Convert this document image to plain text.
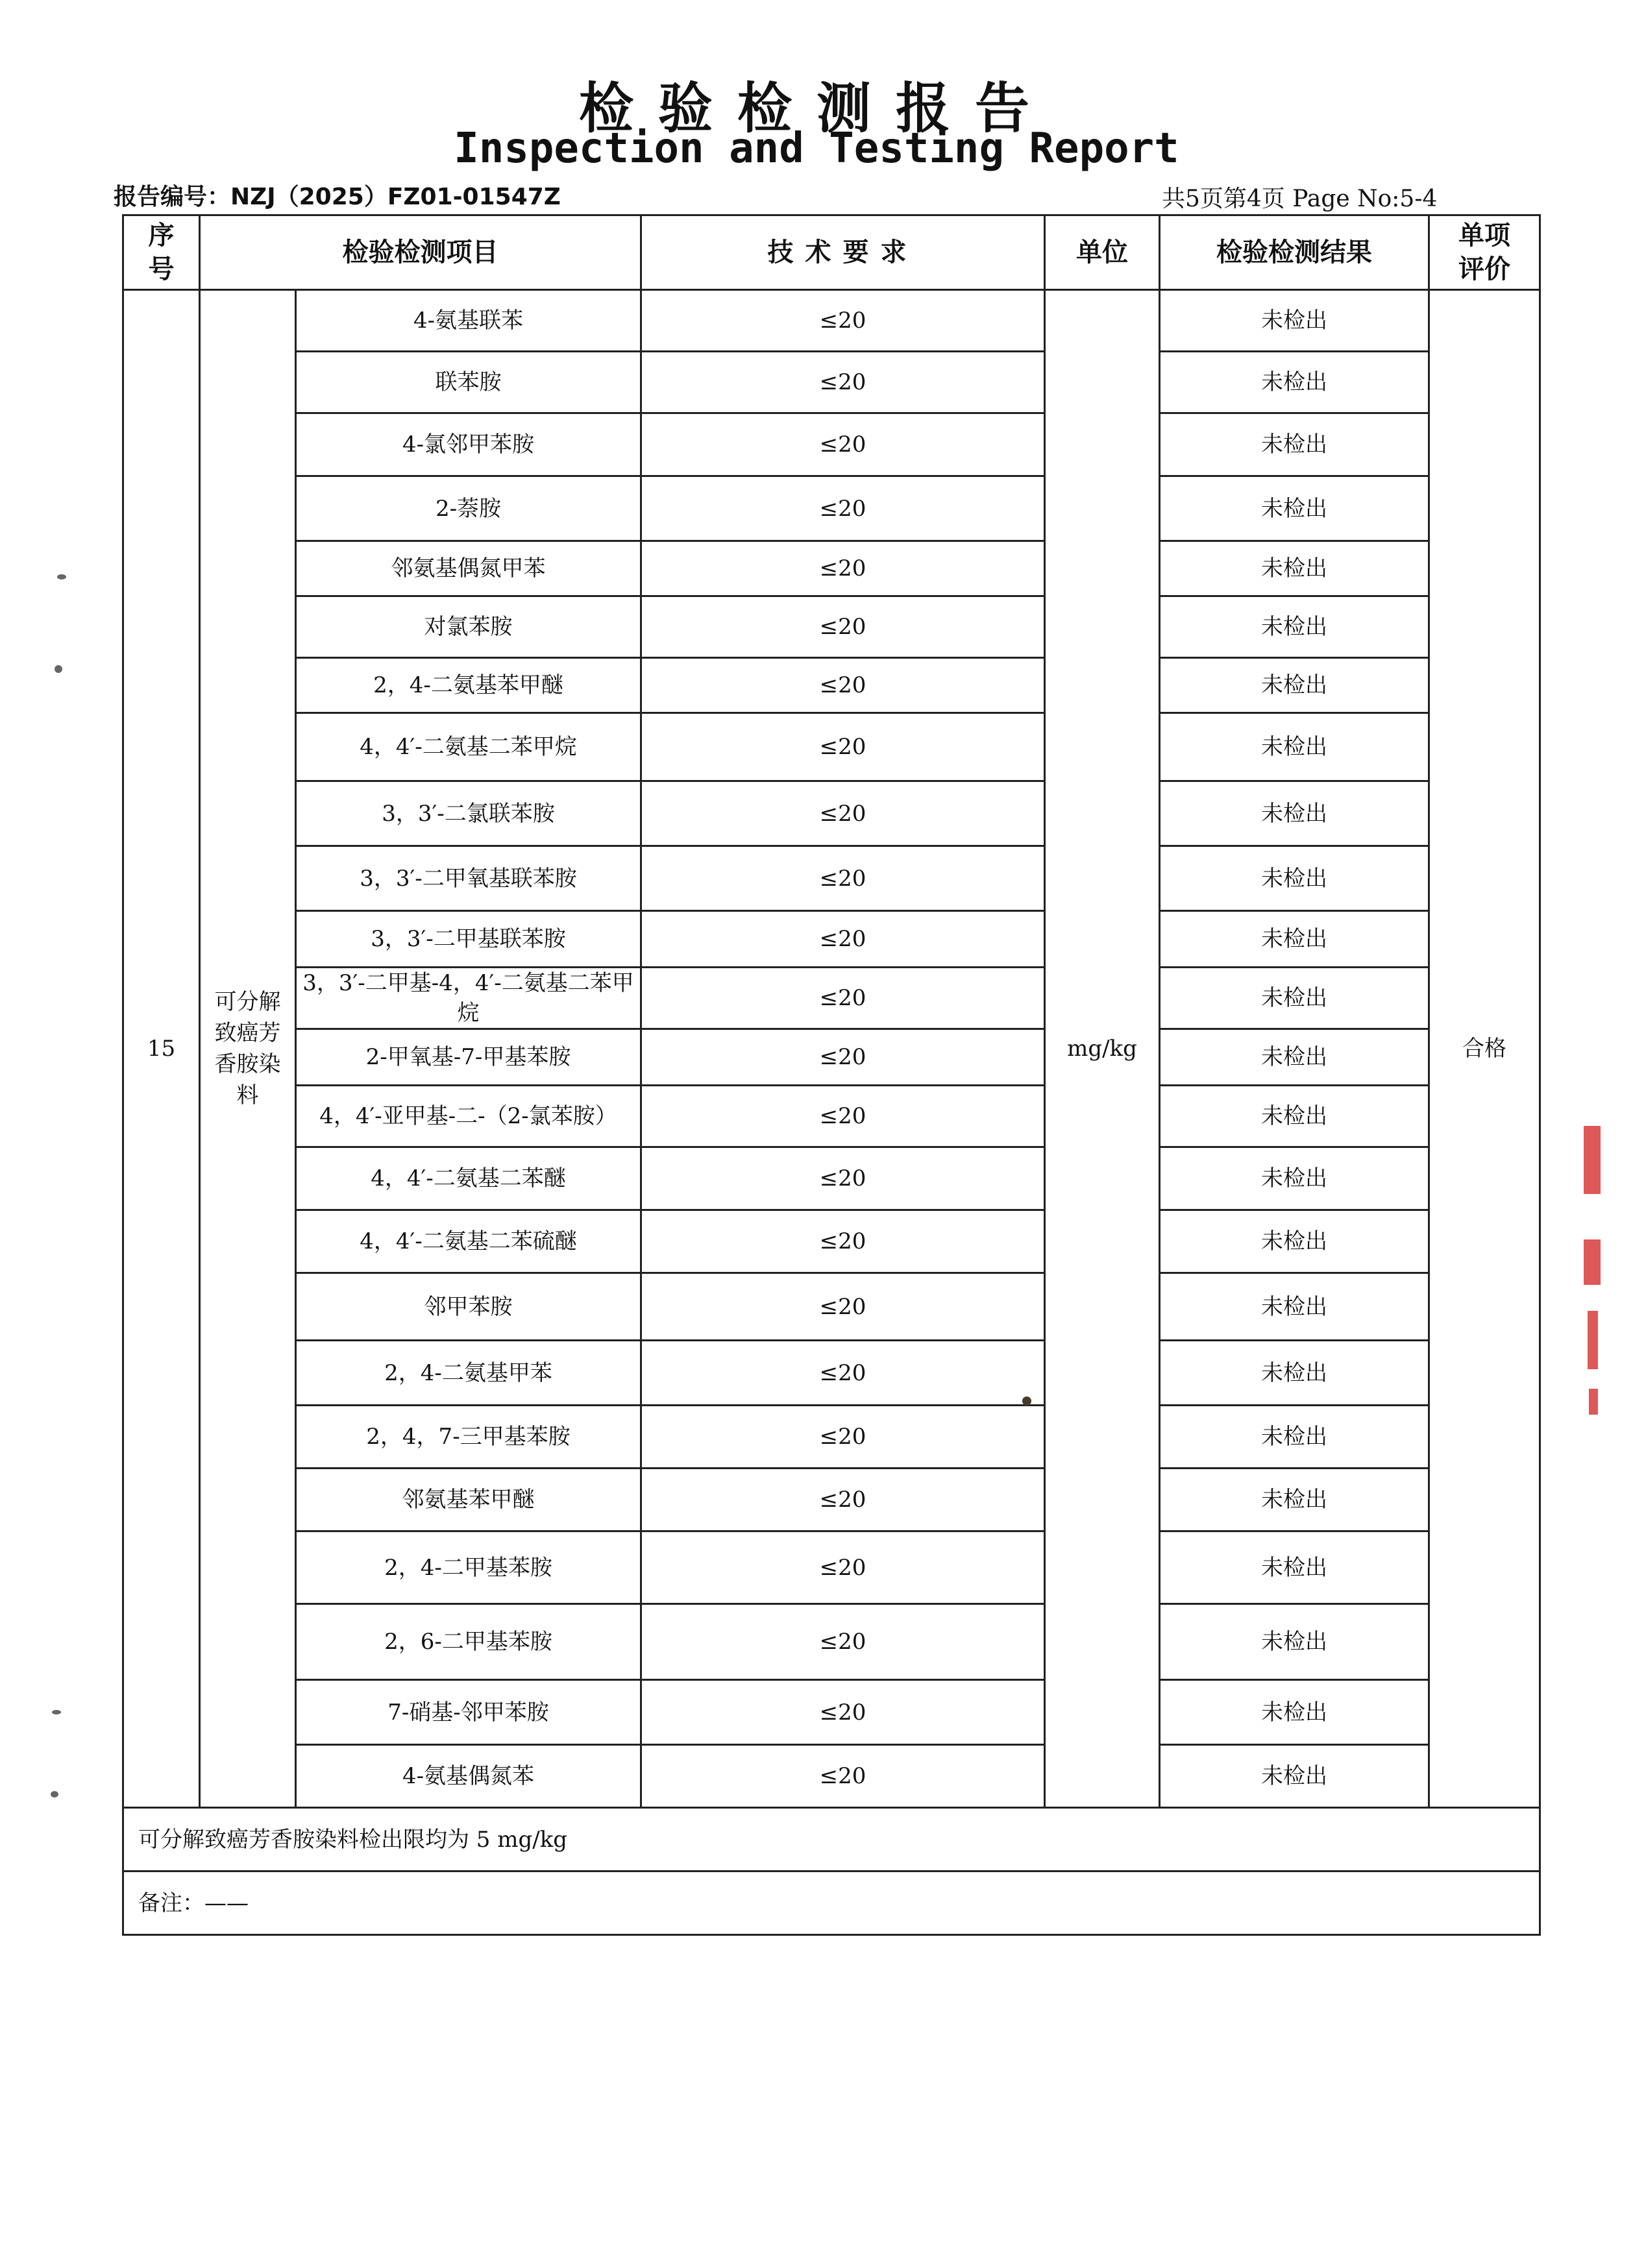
检验检测报告
Inspection and Testing Report
报告编号：NZJ（2025）FZ01-01547Z	共5页第4页 Page No:5-4
序号	检验检测项目		技术要求	单位	检验检测结果	单项评价
15	可分解致癌芳香胺染料	4-氨基联苯	≤20	mg/kg	未检出	合格
		联苯胺	≤20		未检出	
		4-氯邻甲苯胺	≤20		未检出	
		2-萘胺	≤20		未检出	
		邻氨基偶氮甲苯	≤20		未检出	
		对氯苯胺	≤20		未检出	
		2，4-二氨基苯甲醚	≤20		未检出	
		4，4′-二氨基二苯甲烷	≤20		未检出	
		3，3′-二氯联苯胺	≤20		未检出	
		3，3′-二甲氧基联苯胺	≤20		未检出	
		3，3′-二甲基联苯胺	≤20		未检出	
		3，3′-二甲基-4，4′-二氨基二苯甲烷	≤20		未检出	
		2-甲氧基-7-甲基苯胺	≤20		未检出	
		4，4′-亚甲基-二-（2-氯苯胺）	≤20		未检出	
		4，4′-二氨基二苯醚	≤20		未检出	
		4，4′-二氨基二苯硫醚	≤20		未检出	
		邻甲苯胺	≤20		未检出	
		2，4-二氨基甲苯	≤20		未检出	
		2，4，7-三甲基苯胺	≤20		未检出	
		邻氨基苯甲醚	≤20		未检出	
		2，4-二甲基苯胺	≤20		未检出	
		2，6-二甲基苯胺	≤20		未检出	
		7-硝基-邻甲苯胺	≤20		未检出	
		4-氨基偶氮苯	≤20		未检出	
可分解致癌芳香胺染料检出限均为 5 mg/kg						
备注：——						
